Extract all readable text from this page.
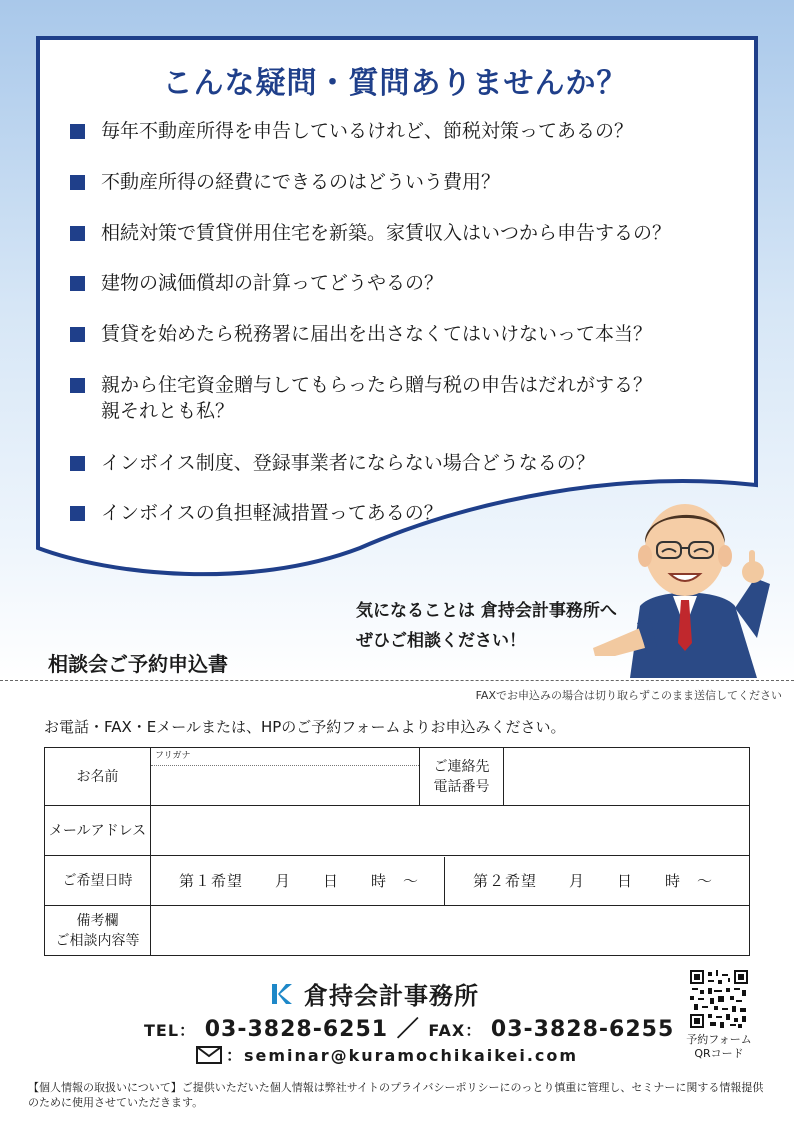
こんな疑問・質問ありませんか？
毎年不動産所得を申告しているけれど、節税対策ってあるの？
不動産所得の経費にできるのはどういう費用？
相続対策で賃貸併用住宅を新築。家賃収入はいつから申告するの？
建物の減価償却の計算ってどうやるの？
賃貸を始めたら税務署に届出を出さなくてはいけないって本当？
親から住宅資金贈与してもらったら贈与税の申告はだれがする？
親それとも私？
インボイス制度、登録事業者にならない場合どうなるの？
インボイスの負担軽減措置ってあるの？
気になることは 倉持会計事務所へ
ぜひご相談ください！
相談会ご予約申込書
FAXでお申込みの場合は切り取らずこのまま送信してください
お電話・FAX・Eメールまたは、HPのご予約フォームよりお申込みください。
お名前	フリガナ	ご連絡先
電話番号	
メールアドレス			
ご希望日時	第１希望　　月　　日　　時　～ 第２希望　　月　　日　　時　～		

備考欄
ご相談内容等			
倉持会計事務所
TEL： 03-3828-6251 ／ FAX： 03-3828-6255
：seminar@kuramochikaikei.com
予約フォーム
QRコード
【個人情報の取扱いについて】ご提供いただいた個人情報は弊社サイトのプライバシーポリシーにのっとり慎重に管理し、セミナーに関する情報提供のために使用させていただきます。
